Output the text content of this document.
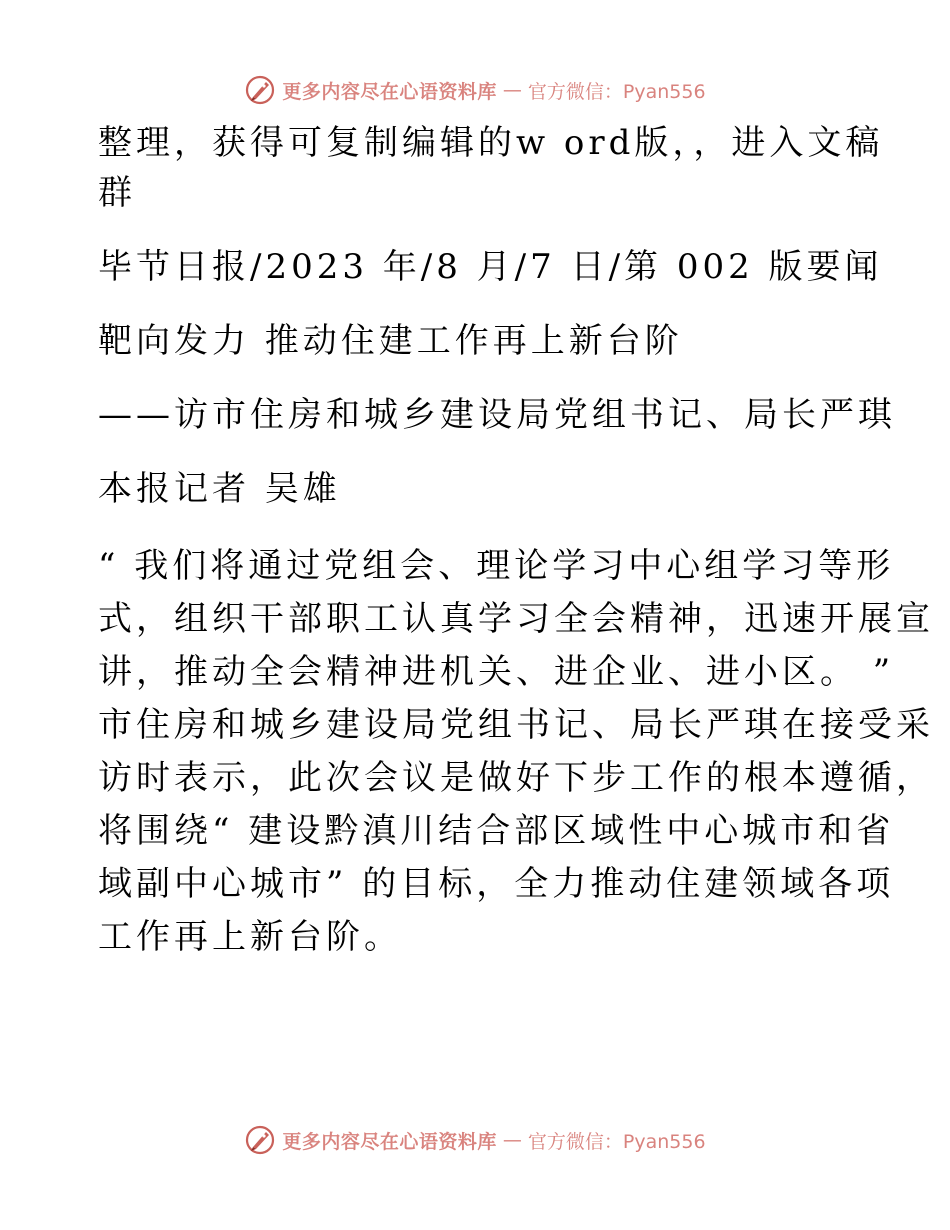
更多内容尽在心语资料库 — 官方微信：Pyan556
整理，获得可复制编辑的w ord版，，进入文稿
群
毕节日报/2023 年/8 月/7 日/第 002 版要闻
靶向发力 推动住建工作再上新台阶
——访市住房和城乡建设局党组书记、局长严琪
本报记者 吴雄
“ 我们将通过党组会、理论学习中心组学习等形
式，组织干部职工认真学习全会精神，迅速开展宣
讲，推动全会精神进机关、进企业、进小区。 ”
市住房和城乡建设局党组书记、局长严琪在接受采
访时表示，此次会议是做好下步工作的根本遵循，
将围绕“ 建设黔滇川结合部区域性中心城市和省
域副中心城市” 的目标，全力推动住建领域各项
工作再上新台阶。
更多内容尽在心语资料库 — 官方微信：Pyan556
